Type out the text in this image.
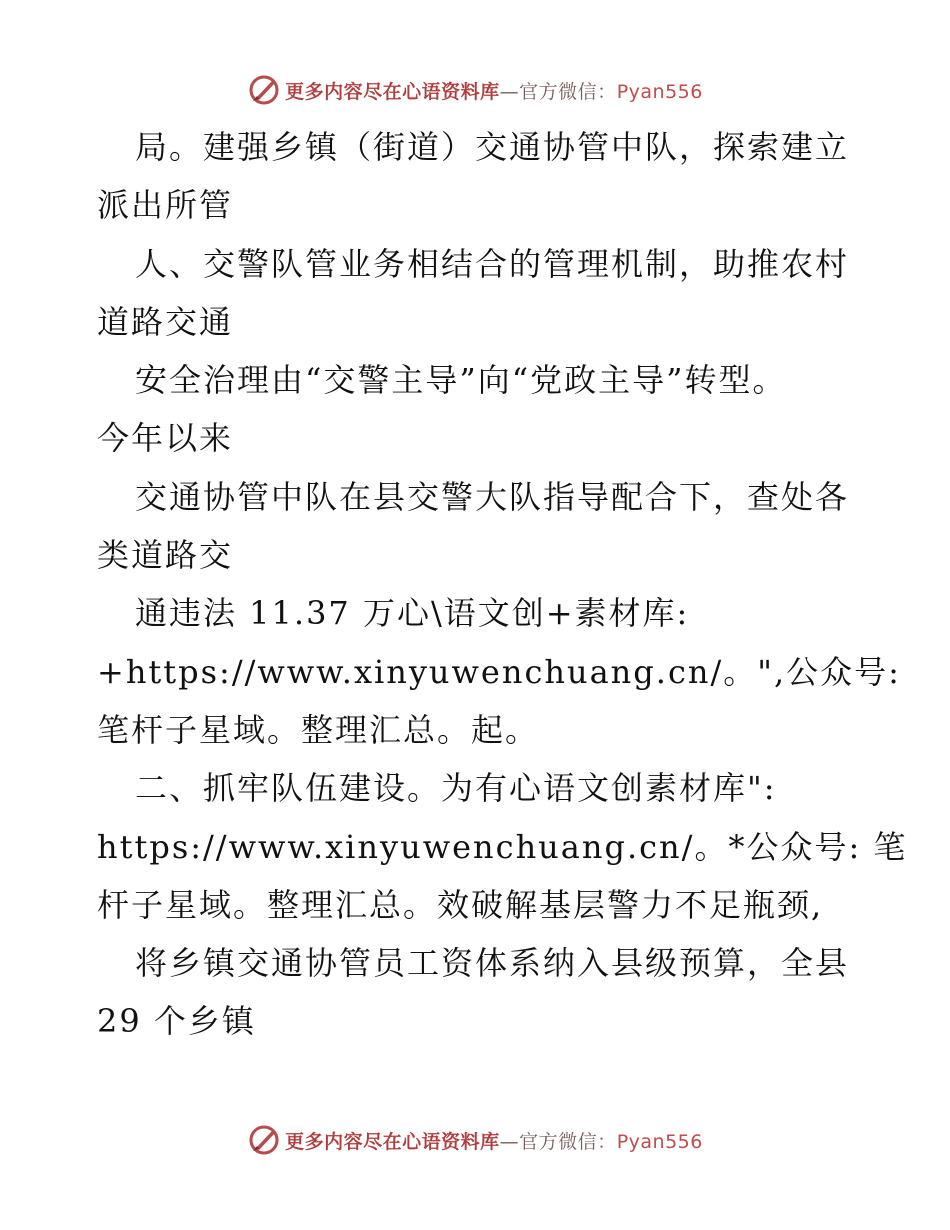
更多内容尽在心语资料库—官方微信：Pyan556
局。建强乡镇（街道）交通协管中队，探索建立
派出所管
人、交警队管业务相结合的管理机制，助推农村
道路交通
安全治理由“交警主导”向“党政主导”转型。
今年以来
交通协管中队在县交警大队指导配合下，查处各
类道路交
通违法 11.37 万心\语文创+素材库:
+https://www.xinyuwenchuang.cn/。",公众号:
笔杆子星域。整理汇总。起。
二、抓牢队伍建设。为有心语文创素材库":
https://www.xinyuwenchuang.cn/。*公众号: 笔
杆子星域。整理汇总。效破解基层警力不足瓶颈,
将乡镇交通协管员工资体系纳入县级预算，全县
29 个乡镇
更多内容尽在心语资料库—官方微信：Pyan556
